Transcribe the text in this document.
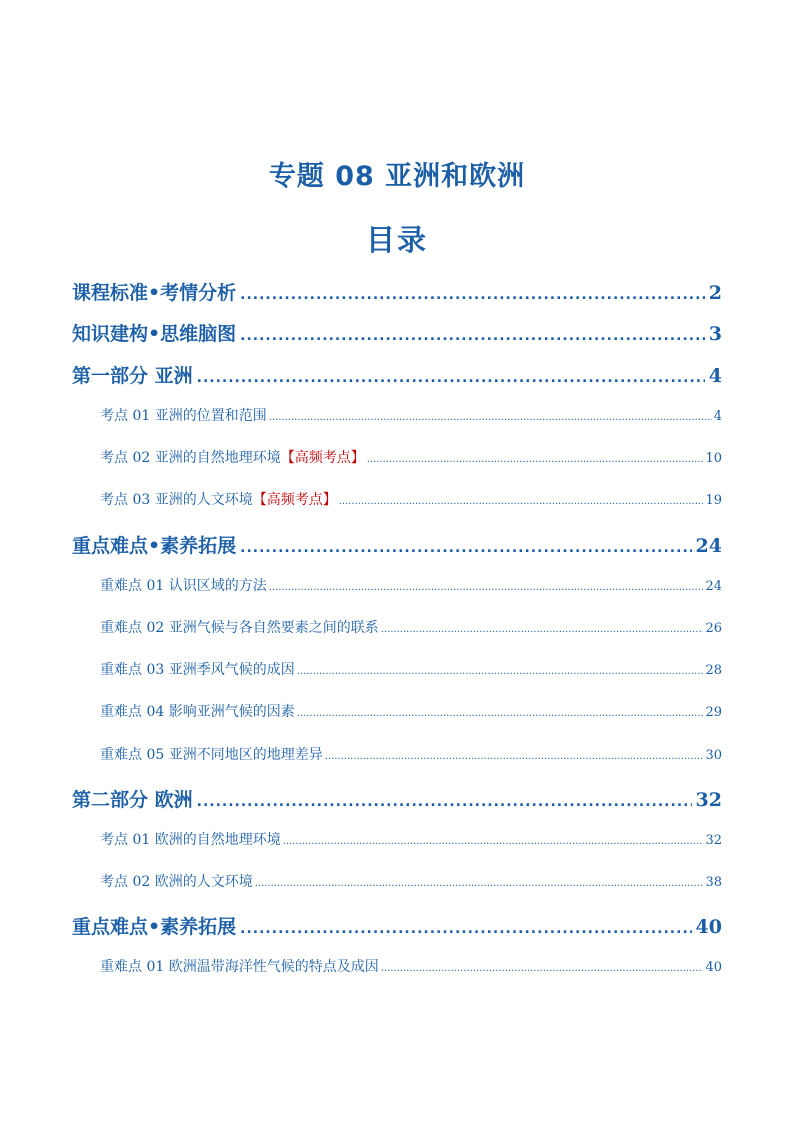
专题 08 亚洲和欧洲
目录
课程标准•考情分析 .....	2
知识建构•思维脑图 .....	3
第一部分 亚洲 .....	4
考点 01 亚洲的位置和范围 .....	4
考点 02 亚洲的自然地理环境 【高频考点】 .....	10
考点 03 亚洲的人文环境 【高频考点】 .....	19
重点难点•素养拓展 .....	24
重难点 01 认识区域的方法 .....	24
重难点 02 亚洲气候与各自然要素之间的联系 .....	26
重难点 03 亚洲季风气候的成因 .....	28
重难点 04 影响亚洲气候的因素 .....	29
重难点 05 亚洲不同地区的地理差异 .....	30
第二部分 欧洲 .....	32
考点 01 欧洲的自然地理环境 .....	32
考点 02 欧洲的人文环境 .....	38
重点难点•素养拓展 .....	40
重难点 01 欧洲温带海洋性气候的特点及成因 .....	40
